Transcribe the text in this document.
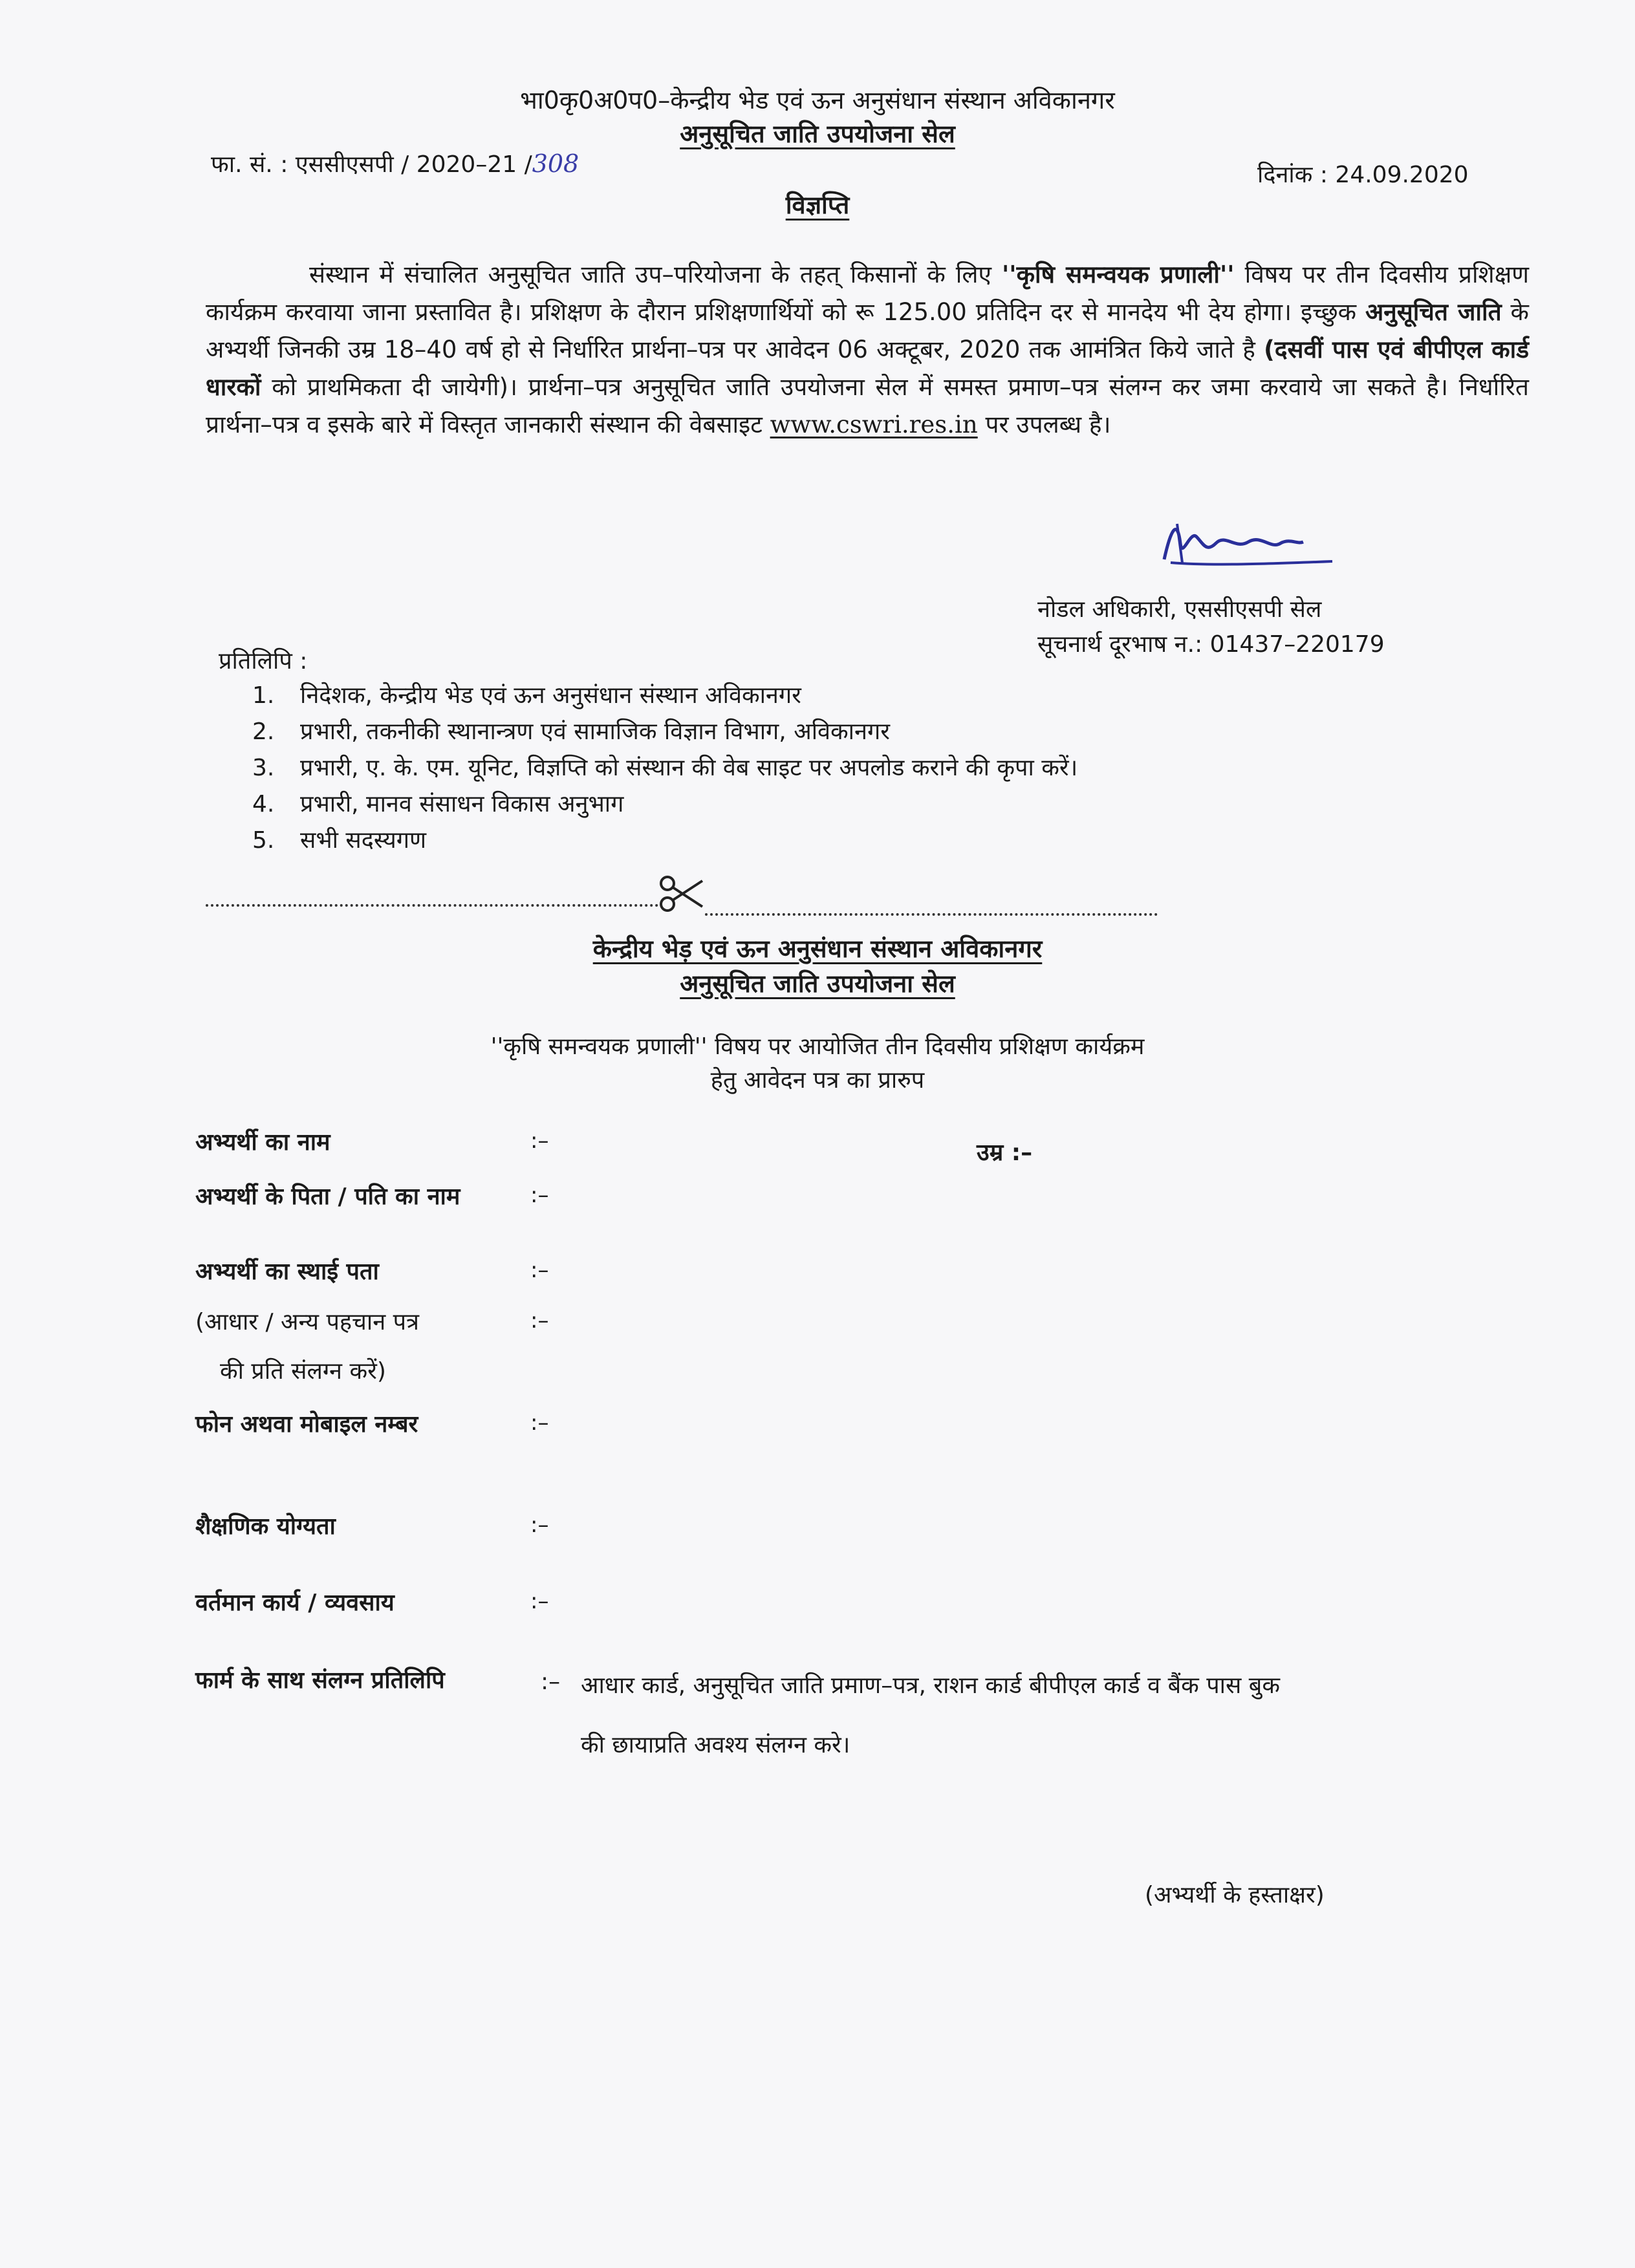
भा0कृ0अ0प0–केन्द्रीय भेड एवं ऊन अनुसंधान संस्थान अविकानगर
अनुसूचित जाति उपयोजना सेल
फा. सं. : एससीएसपी / 2020–21 /308	दिनांक : 24.09.2020
विज्ञप्ति
संस्थान में संचालित अनुसूचित जाति उप–परियोजना के तहत् किसानों के लिए ''कृषि समन्वयक प्रणाली'' विषय पर तीन दिवसीय प्रशिक्षण कार्यक्रम करवाया जाना प्रस्तावित है। प्रशिक्षण के दौरान प्रशिक्षणार्थियों को रू 125.00 प्रतिदिन दर से मानदेय भी देय होगा। इच्छुक अनुसूचित जाति के अभ्यर्थी जिनकी उम्र 18–40 वर्ष हो से निर्धारित प्रार्थना–पत्र पर आवेदन 06 अक्टूबर, 2020 तक आमंत्रित किये जाते है (दसवीं पास एवं बीपीएल कार्ड धारकों को प्राथमिकता दी जायेगी)। प्रार्थना–पत्र अनुसूचित जाति उपयोजना सेल में समस्त प्रमाण–पत्र संलग्न कर जमा करवाये जा सकते है। निर्धारित प्रार्थना–पत्र व इसके बारे में विस्तृत जानकारी संस्थान की वेबसाइट www.cswri.res.in पर उपलब्ध है।
नोडल अधिकारी, एससीएसपी सेल
सूचनार्थ दूरभाष न.: 01437–220179
प्रतिलिपि :
1. निदेशक, केन्द्रीय भेड एवं ऊन अनुसंधान संस्थान अविकानगर
2. प्रभारी, तकनीकी स्थानान्त्रण एवं सामाजिक विज्ञान विभाग, अविकानगर
3. प्रभारी, ए. के. एम. यूनिट, विज्ञप्ति को संस्थान की वेब साइट पर अपलोड कराने की कृपा करें।
4. प्रभारी, मानव संसाधन विकास अनुभाग
5. सभी सदस्यगण
केन्द्रीय भेड़ एवं ऊन अनुसंधान संस्थान अविकानगर
अनुसूचित जाति उपयोजना सेल
''कृषि समन्वयक प्रणाली'' विषय पर आयोजित तीन दिवसीय प्रशिक्षण कार्यक्रम
हेतु आवेदन पत्र का प्रारुप
अभ्यर्थी का नाम	:–	उम्र :–
अभ्यर्थी के पिता / पति का नाम	:–
अभ्यर्थी का स्थाई पता	:–
(आधार / अन्य पहचान पत्र	:–
की प्रति संलग्न करें)
फोन अथवा मोबाइल नम्बर	:–
शैक्षणिक योग्यता	:–
वर्तमान कार्य / व्यवसाय	:–
फार्म के साथ संलग्न प्रतिलिपि	:– आधार कार्ड, अनुसूचित जाति प्रमाण–पत्र, राशन कार्ड बीपीएल कार्ड व बैंक पास बुक
की छायाप्रति अवश्य संलग्न करे।
(अभ्यर्थी के हस्ताक्षर)
